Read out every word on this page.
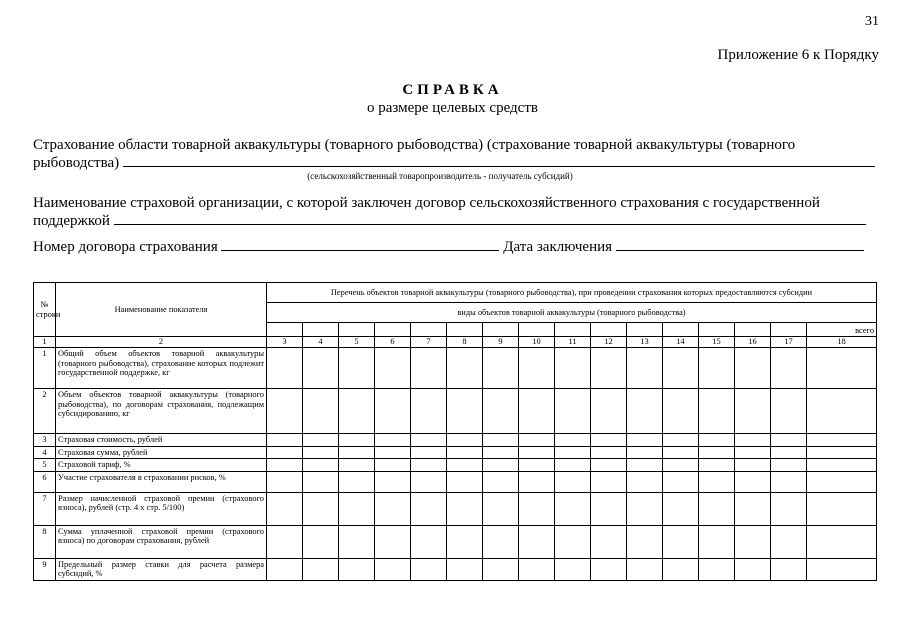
31
Приложение 6 к Порядку
СПРАВКА
о размере целевых средств
Страхование области товарной аквакультуры (товарного рыбоводства) (страхование товарной аквакультуры (товарного
рыбоводства)
(сельскохозяйственный товаропроизводитель - получатель субсидий)
Наименование страховой организации, с которой заключен договор сельскохозяйственного страхования с государственной
поддержкой
Номер договора страхования	Дата заключения
№ строки	Наименование показателя	Перечень объектов товарной аквакультуры (товарного рыбоводства), при проведении страхования которых предоставляются субсидии															
		виды объектов товарной аквакультуры (товарного рыбоводства)															
																	всего
1	2	3	4	5	6	7	8	9	10	11	12	13	14	15	16	17	18
1	Общий объем объектов товарной аквакультуры (товарного рыбоводства), страхование которых подлежит государственной поддержке, кг																
2	Объем объектов товарной аквакультуры (товарного рыбоводства), по договорам страхования, подлежащим субсидированию, кг																
3	Страховая стоимость, рублей																
4	Страховая сумма, рублей																
5	Страховой тариф, %																
6	Участие страхователя в страховании рисков, %																
7	Размер начисленной страховой премии (страхового взноса), рублей (стр. 4 x стр. 5/100)																
8	Сумма уплаченной страховой премии (страхового взноса) по договорам страхования, рублей																
9	Предельный размер ставки для расчета размера субсидий, %																
